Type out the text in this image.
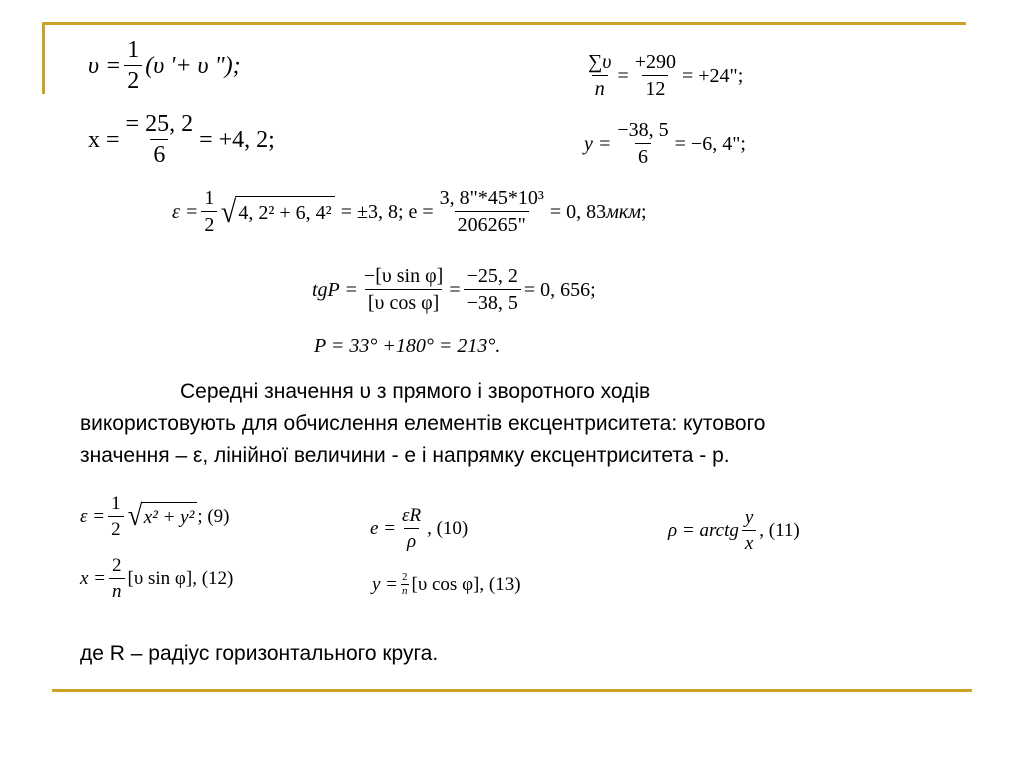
$\upsilon = \frac{1}{2} (\upsilon$ '+ υ ");
$x = \frac{= 25, 2}{6} = +4$, 2;
$\frac{\sum\upsilon}{n} = \frac{+290}{12} = +24$";
$y = \frac{-38, 5}{6} = -6$, 4";
$\varepsilon = \frac{1}{2}$ √ 4, 2² + 6, 4² = ±3, 8; $e = \frac{\text{3, 8"*45*10³}}{206265"} = 0$, 83 мкм ;
tgP = $\frac{\text{−[υ sin φ]}}{\text{[υ cos φ]}} = \frac{-25, 2}{-38, 5} = 0$, 656;
P = 33° +180° = 213°.
Середні значення υ з прямого і зворотного ходів
використовують для обчислення елементів ексцентриситета: кутового
значення – ε, лінійної величини - е і напрямку ексцентриситета - р.
$\varepsilon = \frac{1}{2}$ √ x² + y² ; (9)
$e = \frac{\varepsilon R}{\rho}$ , (10)	ρ = arctg $\frac{y}{x}$ , (11)
$x = \frac{2}{n} [\upsilon$ sin φ], (12)	$y = \frac{2}{n} [\upsilon$ cos φ], (13)
де R – радіус горизонтального круга.
